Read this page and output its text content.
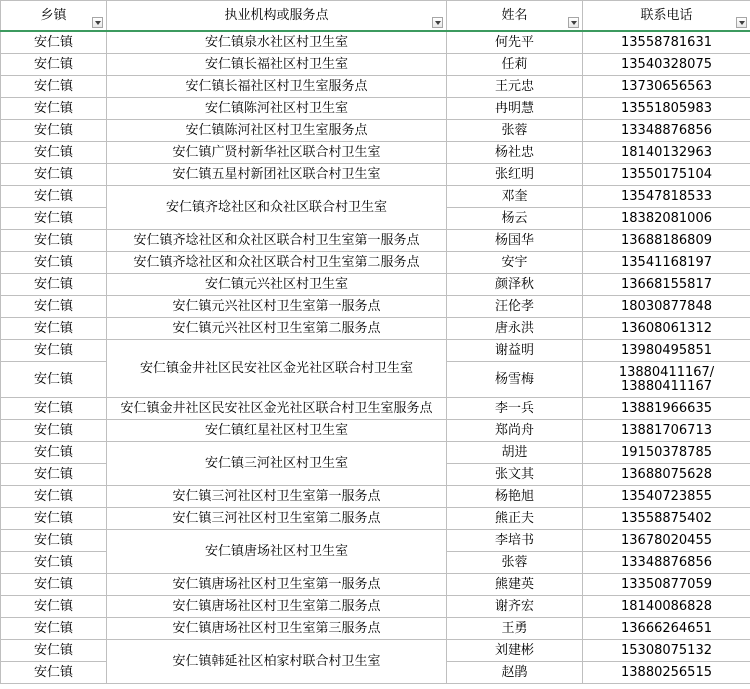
乡镇	执业机构或服务点	姓名	联系电话

安仁镇	安仁镇泉水社区村卫生室	何先平	13558781631
安仁镇	安仁镇长福社区村卫生室	任莉	13540328075
安仁镇	安仁镇长福社区村卫生室服务点	王元忠	13730656563
安仁镇	安仁镇陈河社区村卫生室	冉明慧	13551805983
安仁镇	安仁镇陈河社区村卫生室服务点	张蓉	13348876856
安仁镇	安仁镇广贤村新华社区联合村卫生室	杨社忠	18140132963
安仁镇	安仁镇五星村新团社区联合村卫生室	张红明	13550175104
安仁镇	安仁镇齐埝社区和众社区联合村卫生室	邓奎	13547818533
安仁镇		杨云	18382081006
安仁镇	安仁镇齐埝社区和众社区联合村卫生室第一服务点	杨国华	13688186809
安仁镇	安仁镇齐埝社区和众社区联合村卫生室第二服务点	安宇	13541168197
安仁镇	安仁镇元兴社区村卫生室	颜泽秋	13668155817
安仁镇	安仁镇元兴社区村卫生室第一服务点	汪伦孝	18030877848
安仁镇	安仁镇元兴社区村卫生室第二服务点	唐永洪	13608061312
安仁镇	安仁镇金井社区民安社区金光社区联合村卫生室	谢益明	13980495851
安仁镇		杨雪梅	13880411167/ 13880411167
安仁镇	安仁镇金井社区民安社区金光社区联合村卫生室服务点	李一兵	13881966635
安仁镇	安仁镇红星社区村卫生室	郑尚舟	13881706713
安仁镇	安仁镇三河社区村卫生室	胡进	19150378785
安仁镇		张文其	13688075628
安仁镇	安仁镇三河社区村卫生室第一服务点	杨艳旭	13540723855
安仁镇	安仁镇三河社区村卫生室第二服务点	熊正夫	13558875402
安仁镇	安仁镇唐场社区村卫生室	李培书	13678020455
安仁镇		张蓉	13348876856
安仁镇	安仁镇唐场社区村卫生室第一服务点	熊建英	13350877059
安仁镇	安仁镇唐场社区村卫生室第二服务点	谢齐宏	18140086828
安仁镇	安仁镇唐场社区村卫生室第三服务点	王勇	13666264651
安仁镇	安仁镇韩延社区柏家村联合村卫生室	刘建彬	15308075132
安仁镇		赵鹃	13880256515
